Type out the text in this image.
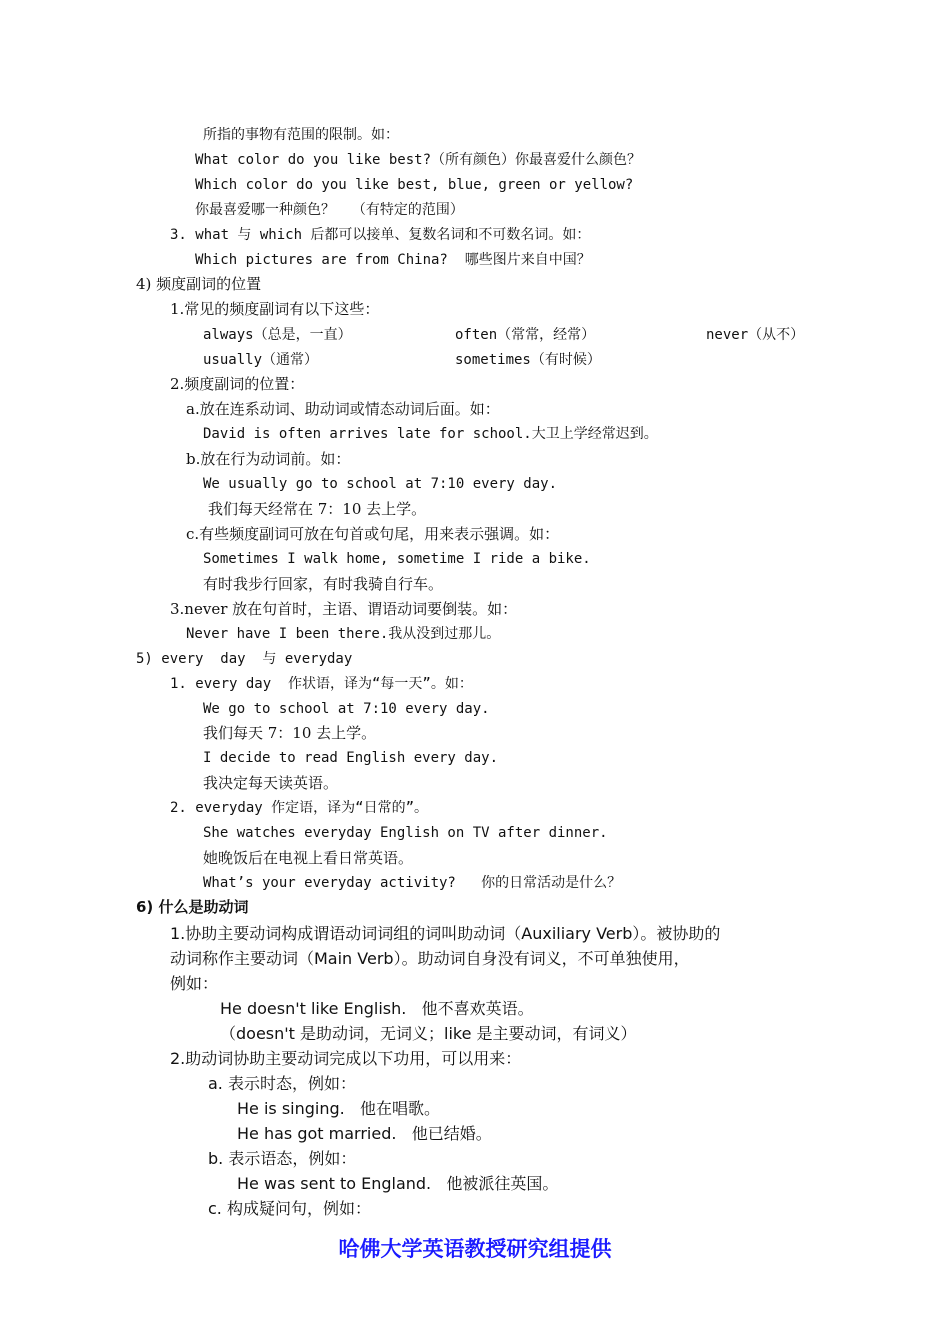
所指的事物有范围的限制。如：
What color do you like best?（所有颜色）你最喜爱什么颜色？
Which color do you like best, blue, green or yellow?
你最喜爱哪一种颜色？  （有特定的范围）
3. what 与 which 后都可以接单、复数名词和不可数名词。如：
Which pictures are from China?  哪些图片来自中国？
4) 频度副词的位置
1.常见的频度副词有以下这些：
always（总是，一直）	often（常常，经常）	never（从不）
usually（通常）	sometimes（有时候）
2.频度副词的位置：
a.放在连系动词、助动词或情态动词后面。如：
David is often arrives late for school.大卫上学经常迟到。
b.放在行为动词前。如：
We usually go to school at 7:10 every day.
我们每天经常在 7：10 去上学。
c.有些频度副词可放在句首或句尾，用来表示强调。如：
Sometimes I walk home, sometime I ride a bike.
有时我步行回家，有时我骑自行车。
3.never 放在句首时，主语、谓语动词要倒装。如：
Never have I been there.我从没到过那儿。
5) every  day  与 everyday
1. every day  作状语，译为“每一天”。如：
We go to school at 7:10 every day.
我们每天 7：10 去上学。
I decide to read English every day.
我决定每天读英语。
2. everyday 作定语，译为“日常的”。
She watches everyday English on TV after dinner.
她晚饭后在电视上看日常英语。
What’s your everyday activity?   你的日常活动是什么？
6) 什么是助动词
1.协助主要动词构成谓语动词词组的词叫助动词（Auxiliary Verb）。被协助的
动词称作主要动词（Main Verb）。助动词自身没有词义，不可单独使用，
例如：
He doesn't like English.   他不喜欢英语。
（doesn't 是助动词，无词义；like 是主要动词，有词义）
2.助动词协助主要动词完成以下功用，可以用来：
a. 表示时态，例如：
He is singing.   他在唱歌。
He has got married.   他已结婚。
b. 表示语态，例如：
He was sent to England.   他被派往英国。
c. 构成疑问句，例如：
哈佛大学英语教授研究组提供
